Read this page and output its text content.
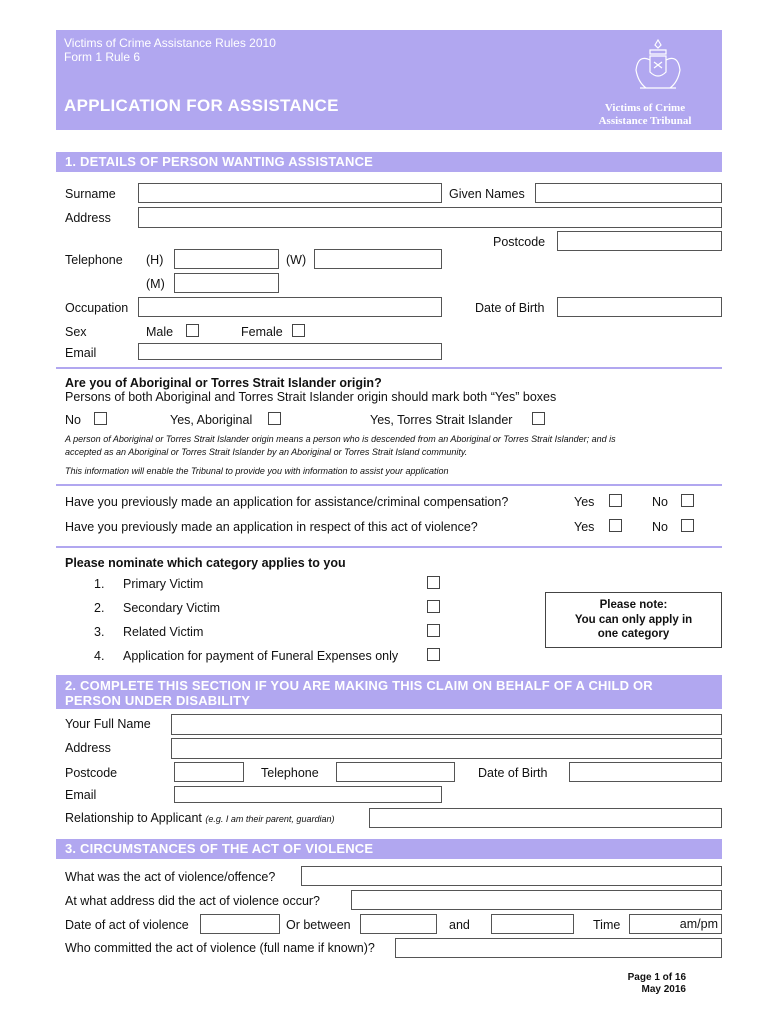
Victims of Crime Assistance Rules 2010
Form 1 Rule 6
APPLICATION FOR ASSISTANCE	Victims of Crime
Assistance Tribunal
1. DETAILS OF PERSON WANTING ASSISTANCE
Surname	Given Names
Address
Postcode
Telephone (H)	(W)
(M)
Occupation	Date of Birth
Sex	Male	Female
Email
Are you of Aboriginal or Torres Strait Islander origin?
Persons of both Aboriginal and Torres Strait Islander origin should mark both “Yes” boxes
No	Yes, Aboriginal	Yes, Torres Strait Islander
A person of Aboriginal or Torres Strait Islander origin means a person who is descended from an Aboriginal or Torres Strait Islander; and is
accepted as an Aboriginal or Torres Strait Islander by an Aboriginal or Torres Strait Island community.
This information will enable the Tribunal to provide you with information to assist your application
Have you previously made an application for assistance/criminal compensation?	Yes	No
Have you previously made an application in respect of this act of violence?	Yes	No
Please nominate which category applies to you
1. Primary Victim
2. Secondary Victim
3. Related Victim
4. Application for payment of Funeral Expenses only
Please note:
You can only apply in
one category
2. COMPLETE THIS SECTION IF YOU ARE MAKING THIS CLAIM ON BEHALF OF A CHILD OR
PERSON UNDER DISABILITY
Your Full Name
Address
Postcode	Telephone	Date of Birth
Email
Relationship to Applicant (e.g. I am their parent, guardian)
3. CIRCUMSTANCES OF THE ACT OF VIOLENCE
What was the act of violence/offence?
At what address did the act of violence occur?
Date of act of violence	Or between	and	Time	am/pm
Who committed the act of violence (full name if known)?
Page 1 of 16
May 2016
